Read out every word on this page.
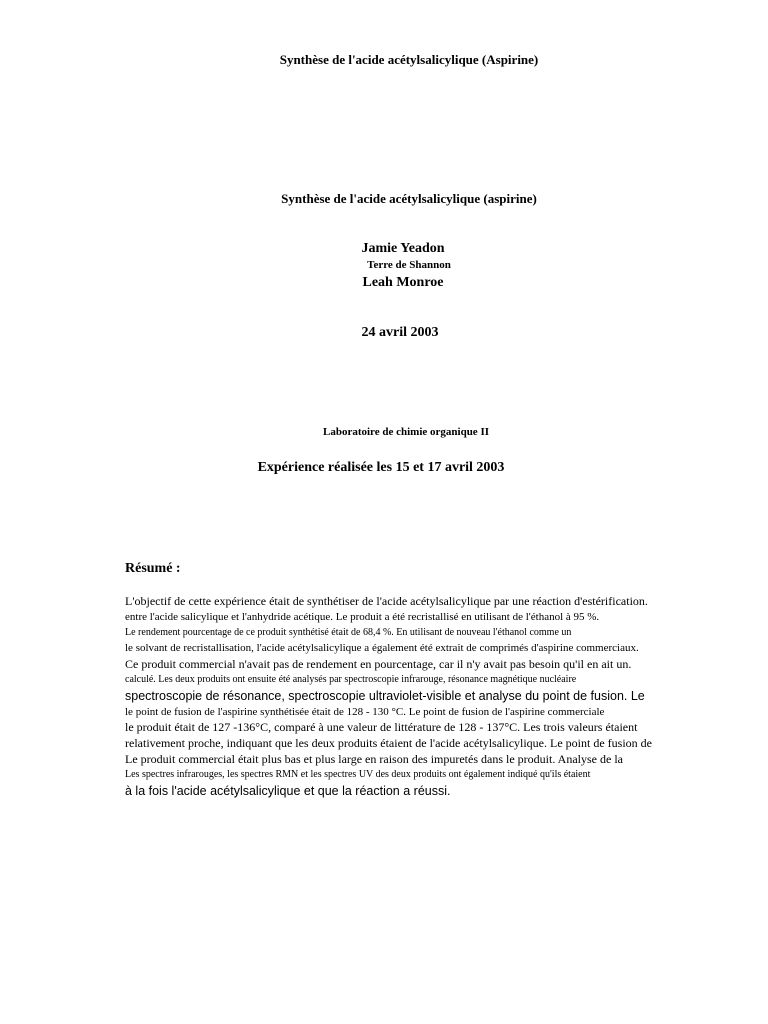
Synthèse de l'acide acétylsalicylique (Aspirine)
Synthèse de l'acide acétylsalicylique (aspirine)
Jamie Yeadon
Terre de Shannon
Leah Monroe
24 avril 2003
Laboratoire de chimie organique II
Expérience réalisée les 15 et 17 avril 2003
Résumé :
L'objectif de cette expérience était de synthétiser de l'acide acétylsalicylique par une réaction d'estérification.
entre l'acide salicylique et l'anhydride acétique. Le produit a été recristallisé en utilisant de l'éthanol à 95 %.
Le rendement pourcentage de ce produit synthétisé était de 68,4 %. En utilisant de nouveau l'éthanol comme un
le solvant de recristallisation, l'acide acétylsalicylique a également été extrait de comprimés d'aspirine commerciaux.
Ce produit commercial n'avait pas de rendement en pourcentage, car il n'y avait pas besoin qu'il en ait un.
calculé. Les deux produits ont ensuite été analysés par spectroscopie infrarouge, résonance magnétique nucléaire
spectroscopie de résonance, spectroscopie ultraviolet-visible et analyse du point de fusion. Le
le point de fusion de l'aspirine synthétisée était de 128 - 130 °C. Le point de fusion de l'aspirine commerciale
le produit était de 127 -136°C, comparé à une valeur de littérature de 128 - 137°C. Les trois valeurs étaient
relativement proche, indiquant que les deux produits étaient de l'acide acétylsalicylique. Le point de fusion de
Le produit commercial était plus bas et plus large en raison des impuretés dans le produit. Analyse de la
Les spectres infrarouges, les spectres RMN et les spectres UV des deux produits ont également indiqué qu'ils étaient
à la fois l'acide acétylsalicylique et que la réaction a réussi.
